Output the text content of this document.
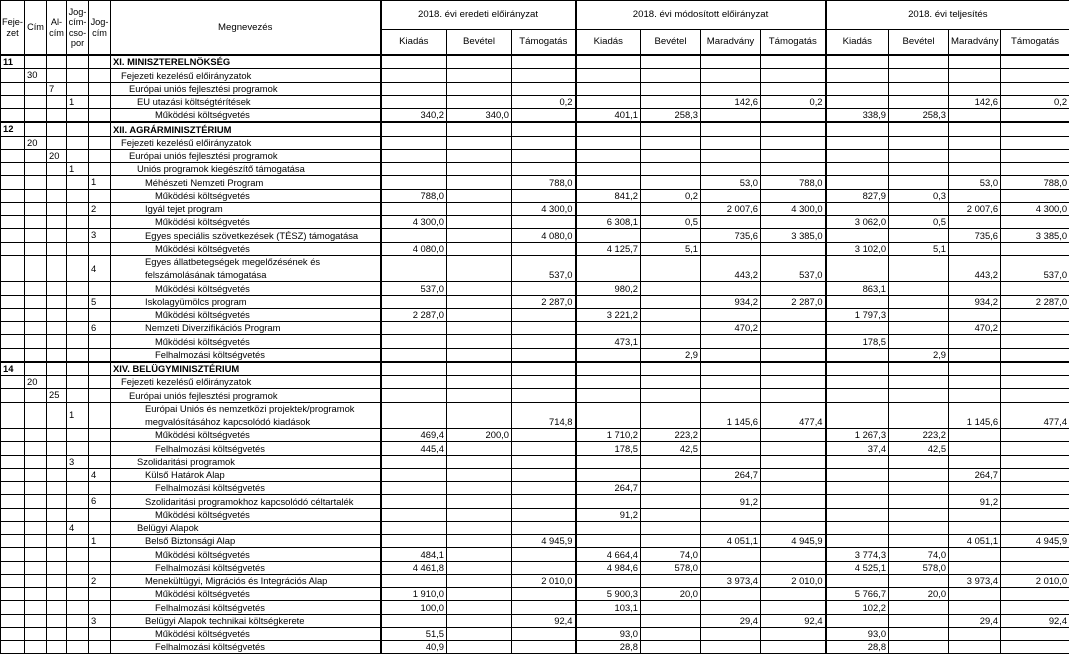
Feje-zet	Cím	Al-cím	Jog-cím-cso-por	Jog-cím	Megnevezés	2018. évi eredeti előirányzat			2018. évi módosított előirányzat				2018. évi teljesítés			
						Kiadás	Bevétel	Támogatás	Kiadás	Bevétel	Maradvány	Támogatás	Kiadás	Bevétel	Maradvány	Támogatás
11					XI. MINISZTERELNÖKSÉG											
	30				Fejezeti kezelésű előirányzatok											
		7			Európai uniós fejlesztési programok											
			1		EU utazási költségtérítések			0,2			142,6	0,2			142,6	0,2
					Működési költségvetés	340,2	340,0		401,1	258,3			338,9	258,3		
12					XII. AGRÁRMINISZTÉRIUM											
	20				Fejezeti kezelésű előirányzatok											
		20			Európai uniós fejlesztési programok											
			1		Uniós programok kiegészítő támogatása											
				1	Méhészeti Nemzeti Program			788,0			53,0	788,0			53,0	788,0
					Működési költségvetés	788,0			841,2	0,2			827,9	0,3		
				2	Igyál tejet program			4 300,0			2 007,6	4 300,0			2 007,6	4 300,0
					Működési költségvetés	4 300,0			6 308,1	0,5			3 062,0	0,5		
				3	Egyes speciális szövetkezések (TÉSZ) támogatása			4 080,0			735,6	3 385,0			735,6	3 385,0
					Működési költségvetés	4 080,0			4 125,7	5,1			3 102,0	5,1		
				4	Egyes állatbetegségek megelőzésének és felszámolásának támogatása			537,0			443,2	537,0			443,2	537,0
					Működési költségvetés	537,0			980,2				863,1			
				5	Iskolagyümölcs program			2 287,0			934,2	2 287,0			934,2	2 287,0
					Működési költségvetés	2 287,0			3 221,2				1 797,3			
				6	Nemzeti Diverzifikációs Program						470,2				470,2	
					Működési költségvetés				473,1				178,5			
					Felhalmozási költségvetés					2,9				2,9		
14					XIV. BELÜGYMINISZTÉRIUM											
	20				Fejezeti kezelésű előirányzatok											
		25			Európai uniós fejlesztési programok											
			1		Európai Uniós és nemzetközi projektek/programok megvalósításához kapcsolódó kiadások			714,8			1 145,6	477,4			1 145,6	477,4
					Működési költségvetés	469,4	200,0		1 710,2	223,2			1 267,3	223,2		
					Felhalmozási költségvetés	445,4			178,5	42,5			37,4	42,5		
			3		Szolidaritási programok											
				4	Külső Határok Alap						264,7				264,7	
					Felhalmozási költségvetés				264,7							
				6	Szolidaritási programokhoz kapcsolódó céltartalék						91,2				91,2	
					Működési költségvetés				91,2							
			4		Belügyi Alapok											
				1	Belső Biztonsági Alap			4 945,9			4 051,1	4 945,9			4 051,1	4 945,9
					Működési költségvetés	484,1			4 664,4	74,0			3 774,3	74,0		
					Felhalmozási költségvetés	4 461,8			4 984,6	578,0			4 525,1	578,0		
				2	Menekültügyi, Migrációs és Integrációs Alap			2 010,0			3 973,4	2 010,0			3 973,4	2 010,0
					Működési költségvetés	1 910,0			5 900,3	20,0			5 766,7	20,0		
					Felhalmozási költségvetés	100,0			103,1				102,2			
				3	Belügyi Alapok technikai költségkerete			92,4			29,4	92,4			29,4	92,4
					Működési költségvetés	51,5			93,0				93,0			
					Felhalmozási költségvetés	40,9			28,8				28,8			
